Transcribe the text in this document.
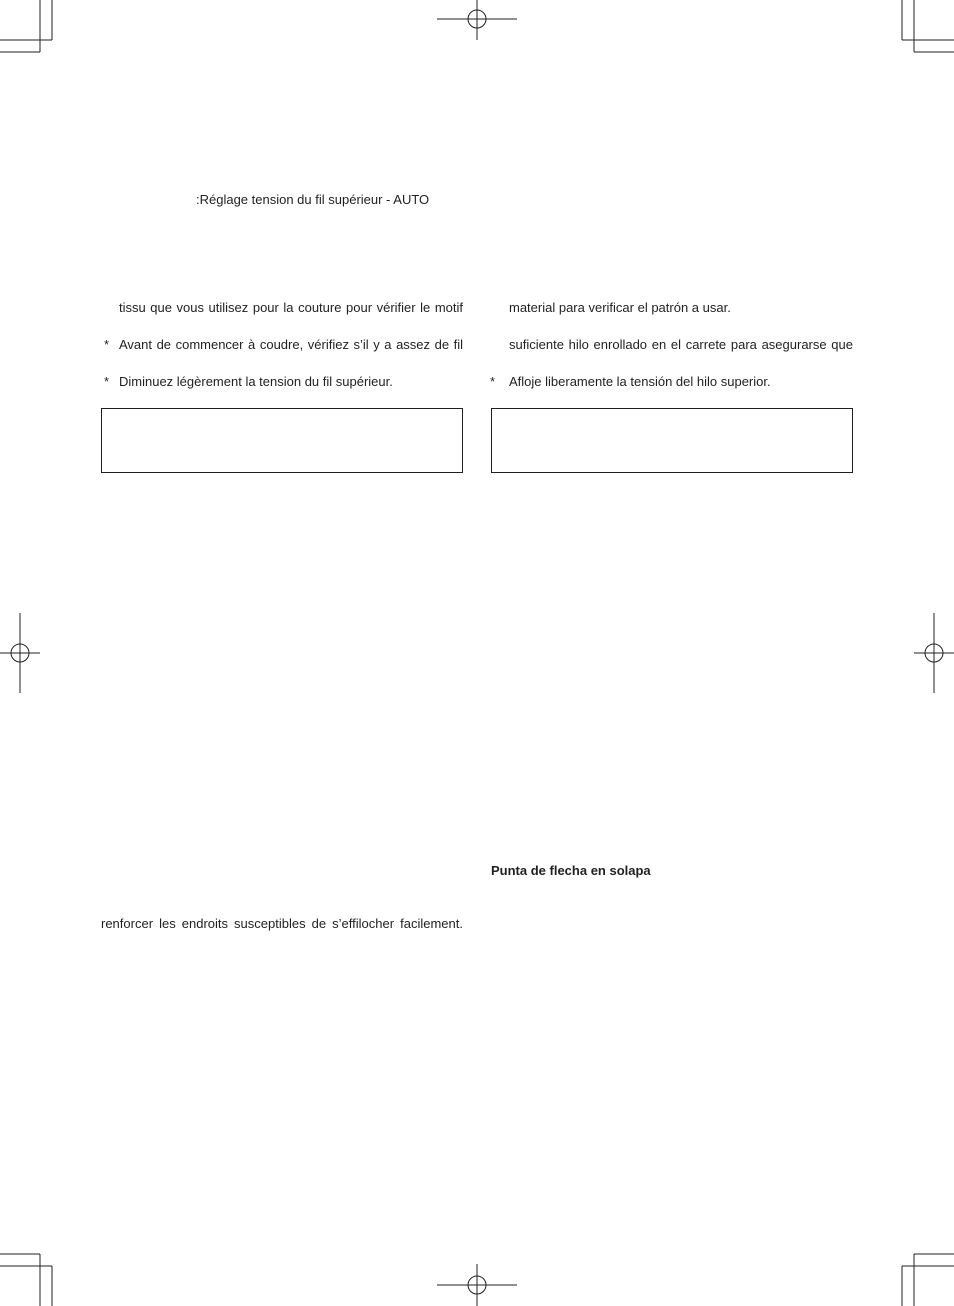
:Réglage tension du fil supérieur - AUTO
tissu que vous utilisez pour la couture pour vérifier le motif
* Avant de commencer à coudre, vérifiez s’il y a assez de fil
* Diminuez légèrement la tension du fil supérieur.
renforcer les endroits susceptibles de s’effilocher facilement.
material para verificar el patrón a usar.
suficiente hilo enrollado en el carrete para asegurarse que
* Afloje liberamente la tensión del hilo superior.
Punta de flecha en solapa
